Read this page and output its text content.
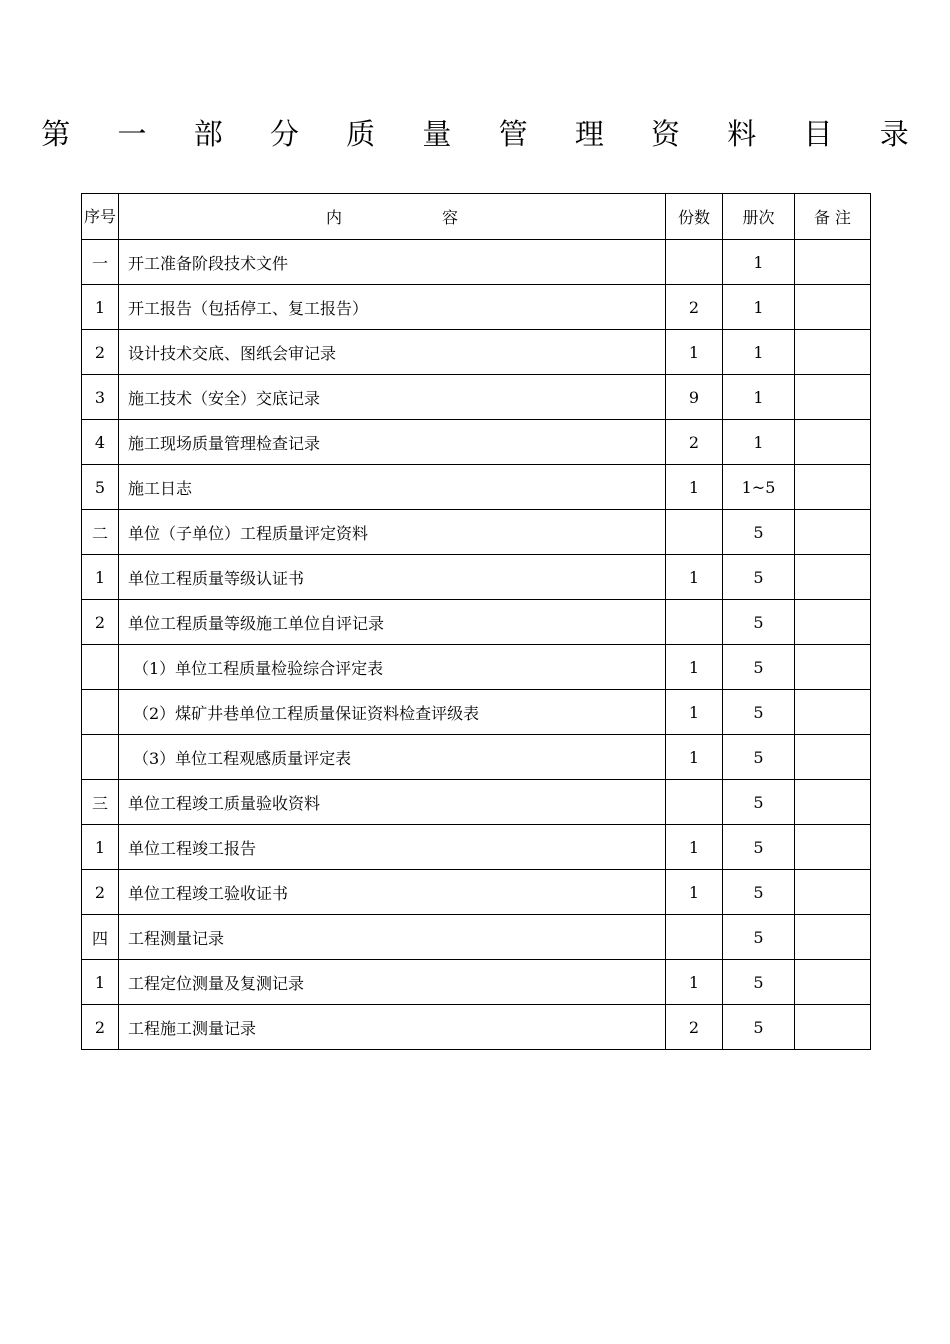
第 一 部 分 质 量 管 理 资 料 目 录
序号	内 容	份数	册次	备 注
一	开工准备阶段技术文件		1	
1	开工报告（包括停工、复工报告）	2	1	
2	设计技术交底、图纸会审记录	1	1	
3	施工技术（安全）交底记录	9	1	
4	施工现场质量管理检查记录	2	1	
5	施工日志	1	1~5	
二	单位（子单位）工程质量评定资料		5	
1	单位工程质量等级认证书	1	5	
2	单位工程质量等级施工单位自评记录		5	
	（1）单位工程质量检验综合评定表	1	5	
	（2）煤矿井巷单位工程质量保证资料检查评级表	1	5	
	（3）单位工程观感质量评定表	1	5	
三	单位工程竣工质量验收资料		5	
1	单位工程竣工报告	1	5	
2	单位工程竣工验收证书	1	5	
四	工程测量记录		5	
1	工程定位测量及复测记录	1	5	
2	工程施工测量记录	2	5	
